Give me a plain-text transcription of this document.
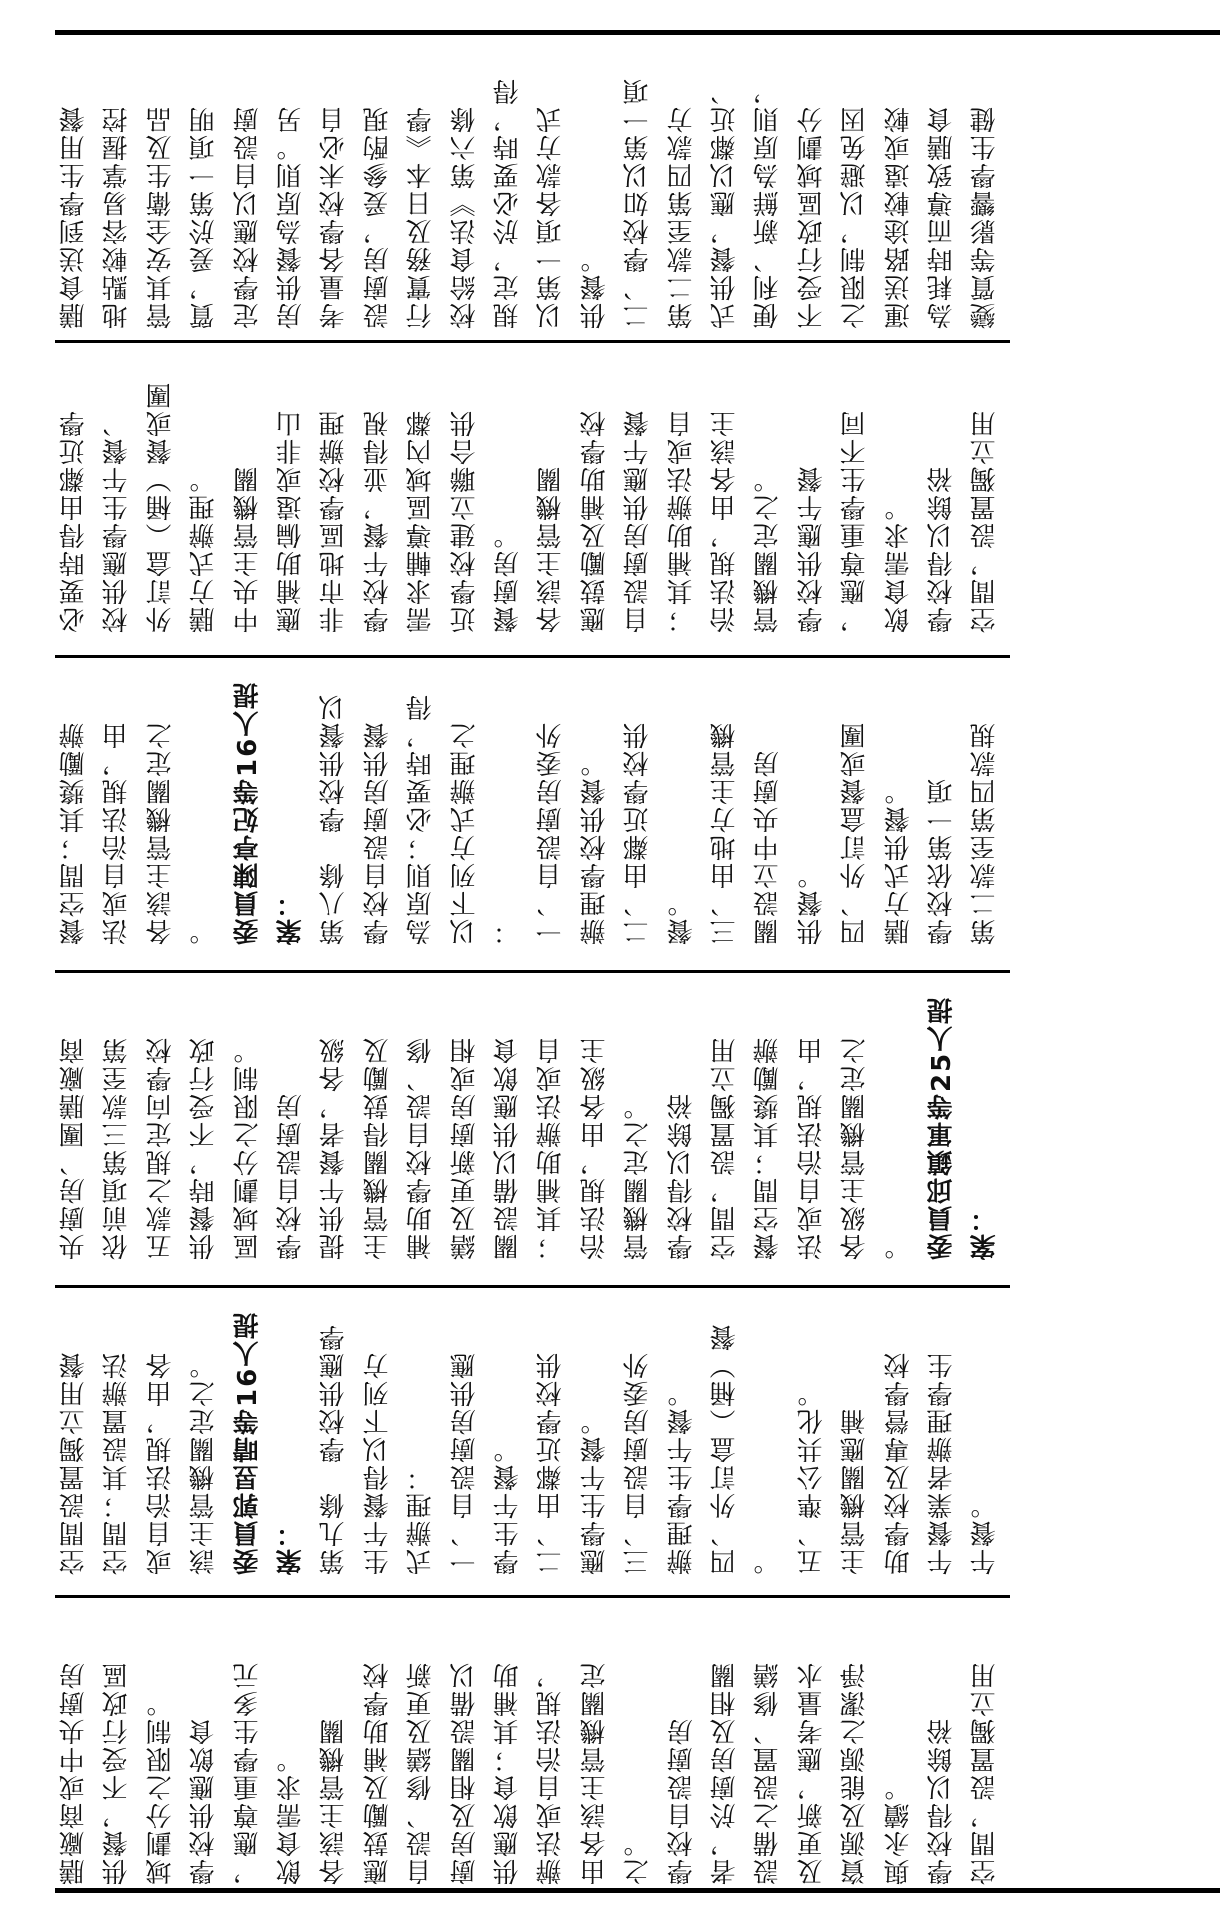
膳食送到學生用餐 地點較容易掌握控 管其安全衛生及品 質，爰於第一項明 定學校應以自設廚 房供餐為原則。另 考量各學校未必自 設廚房，爰參酌現 行實務及日本《學 校給食法》第六條 規定，於必要時，得 以第一項各款方式 供餐。 二、學校如以第一項 第二款至第四款方 式供餐，應以鄰近、 便利、新鮮為原則， 不受行政區域劃分 之限制，以避免因 運送路途較遠或較 為耗時而導致膳食 變質等影響學生健
必要時得由鄰近學 校供應學生午餐、 外訂盒（桶）餐或團 膳方式辦理。 中央主管機關 應補助偏遠或非山 非市地區學校辦理 學校午餐，並得視 需求輔導區域內鄰 近學校建立聯合供 餐廚房。 各該主管機關 應鼓勵及補助學校 自設廚房供應午餐 ；其補助辦法或自 治法規，由各該主 管機關定之。 學校供應午餐 ，應尊重學生不同 飲食需求。 學校得以餘裕 空間，設置獨立用
餐空間；其獎勵辦 法或自治法規，由 各該主管機關定之 。 委員陳亭妃等16人提 案： 第八條　學校供餐以 學校自設廚房供餐 為原則；必要時，得 以下列方式辦理之 ： 一、自設廚房委外 辦理學校供餐。 二、由鄰近學校供 餐。 三、由地方主管機 關設立中央廚房 供餐。 四、外訂盒餐或團 膳方式供餐。 學校依第一項 第二款至第四款規
央廚房、團膳廠商 依前項第三款至第 五款之規定向學校 供餐時，不受行政 區域劃分之限制。 學校自設廚房 提供午餐者，各級 主管機關得鼓勵及 補助學校自設、修 繕及更新廚房或相 關設備以供應飲食 ；其補助辦法或自 治法規，由各級主 管機關定之。 學校得以餘裕 空間，設置獨立用 餐空間；其獎勵辦 法或自治法規，由 各級主管機關定之 。 委員邱鎮軍等25人提 案：
空間設置獨立用餐 空間；其設置辦法 或自治法規，由各 該主管機關定之。 委員郭昱晴等16人提 案： 第九條　學校供應學 生午餐得以下列方 式辦理： 一、自設廚房供應 學生午餐。 二、由鄰近學校供 應學生午餐。 三、自設廚房委外 辦理學生午餐。 四、外訂盒（桶）餐 。 五、準公共化。 主管機關應補 助學校及專營學校 午餐業者辦理學生 午餐。
膳廠商或中央廚房 供餐，不受行政區 域劃分之限制。 學校供應飲食 ，應尊重學生多元 飲食需求。 各該主管機關 應鼓勵及補助學校 自設、修繕及更新 廚房及相關設備以 供應飲食；其補助 辦法或自治法規， 由各該主管機關定 之。 學校自設廚房 者，於廚房及相關 設備之設置、修繕 及更新，應考量水 資源及能源之潔淨 與永續。 學校得以餘裕 空間，設置獨立用
